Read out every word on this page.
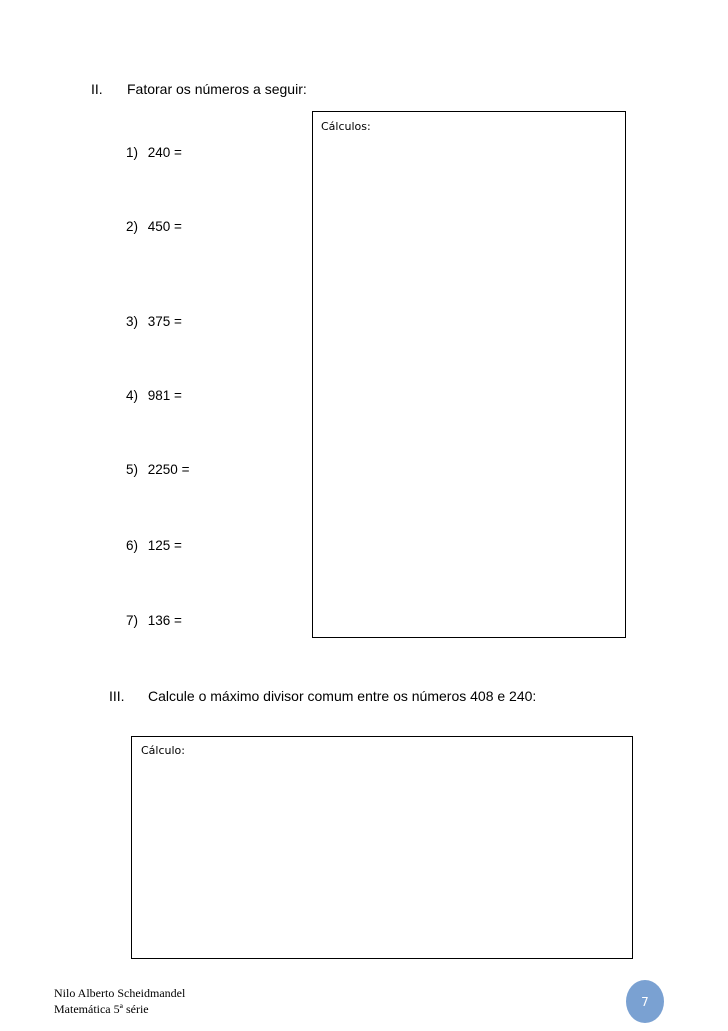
II. Fatorar os números a seguir:
Cálculos:
1) 240 =
2) 450 =
3) 375 =
4) 981 =
5) 2250 =
6) 125 =
7) 136 =
III. Calcule o máximo divisor comum entre os números 408 e 240:
Cálculo:
Nilo Alberto Scheidmandel
Matemática 5ª série
7
